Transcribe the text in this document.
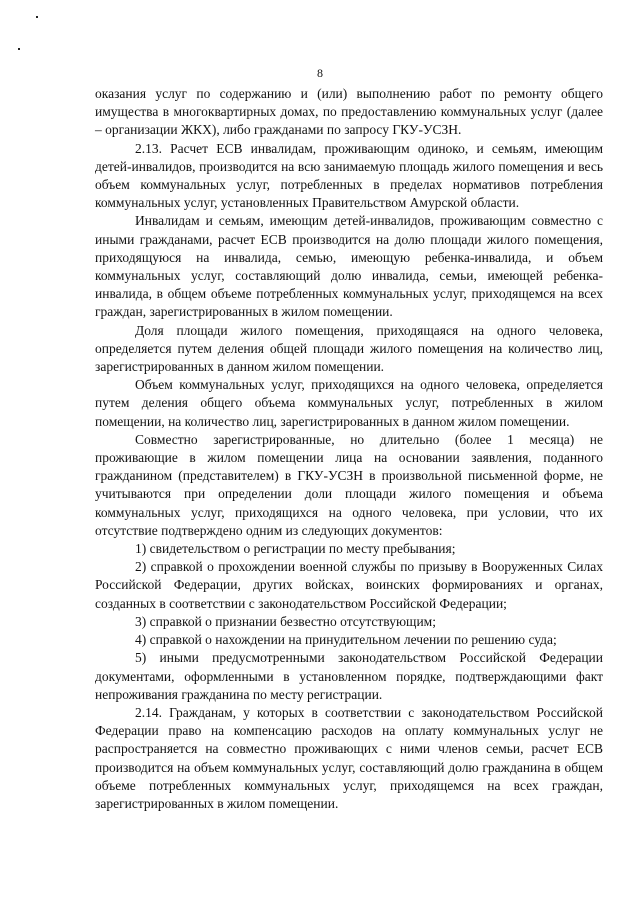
8

оказания услуг по содержанию и (или) выполнению работ по ремонту общего имущества в многоквартирных домах, по предоставлению коммунальных услуг (далее – организации ЖКХ), либо гражданами по запросу ГКУ-УСЗН.

2.13. Расчет ЕСВ инвалидам, проживающим одиноко, и семьям, имеющим детей-инвалидов, производится на всю занимаемую площадь жилого помещения и весь объем коммунальных услуг, потребленных в пределах нормативов потребления коммунальных услуг, установленных Правительством Амурской области.

Инвалидам и семьям, имеющим детей-инвалидов, проживающим совместно с иными гражданами, расчет ЕСВ производится на долю площади жилого помещения, приходящуюся на инвалида, семью, имеющую ребенка-инвалида, и объем коммунальных услуг, составляющий долю инвалида, семьи, имеющей ребенка-инвалида, в общем объеме потребленных коммунальных услуг, приходящемся на всех граждан, зарегистрированных в жилом помещении.

Доля площади жилого помещения, приходящаяся на одного человека, определяется путем деления общей площади жилого помещения на количество лиц, зарегистрированных в данном жилом помещении.

Объем коммунальных услуг, приходящихся на одного человека, определяется путем деления общего объема коммунальных услуг, потребленных в жилом помещении, на количество лиц, зарегистрированных в данном жилом помещении.

Совместно зарегистрированные, но длительно (более 1 месяца) не проживающие в жилом помещении лица на основании заявления, поданного гражданином (представителем) в ГКУ-УСЗН в произвольной письменной форме, не учитываются при определении доли площади жилого помещения и объема коммунальных услуг, приходящихся на одного человека, при условии, что их отсутствие подтверждено одним из следующих документов:

1) свидетельством о регистрации по месту пребывания;

2) справкой о прохождении военной службы по призыву в Вооруженных Силах Российской Федерации, других войсках, воинских формированиях и органах, созданных в соответствии с законодательством Российской Федерации;

3) справкой о признании безвестно отсутствующим;

4) справкой о нахождении на принудительном лечении по решению суда;

5) иными предусмотренными законодательством Российской Федерации документами, оформленными в установленном порядке, подтверждающими факт непроживания гражданина по месту регистрации.

2.14. Гражданам, у которых в соответствии с законодательством Российской Федерации право на компенсацию расходов на оплату коммунальных услуг не распространяется на совместно проживающих с ними членов семьи, расчет ЕСВ производится на объем коммунальных услуг, составляющий долю гражданина в общем объеме потребленных коммунальных услуг, приходящемся на всех граждан, зарегистрированных в жилом помещении.
